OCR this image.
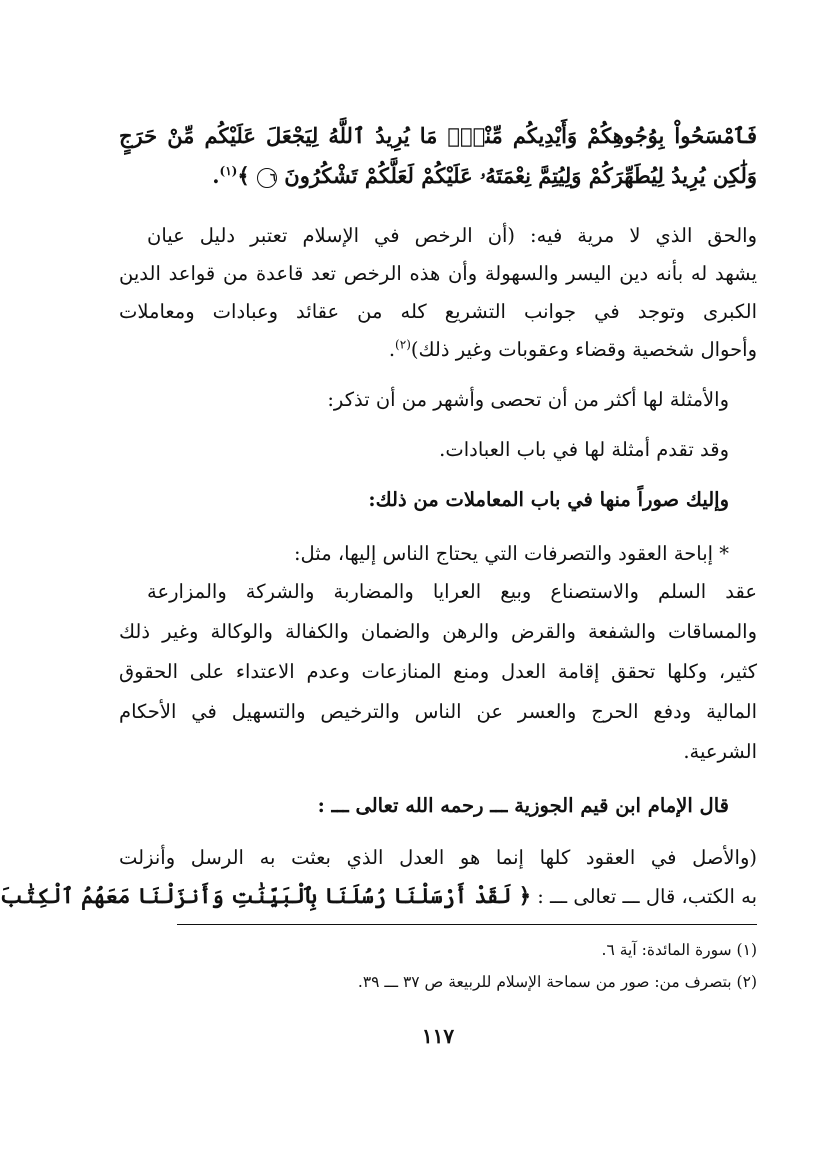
فَٱمْسَحُواْ بِوُجُوهِكُمْ وَأَيْدِيكُم مِّنْهُۚ مَا يُرِيدُ ٱللَّهُ لِيَجْعَلَ عَلَيْكُم مِّنْ حَرَجٍ
وَلَٰكِن يُرِيدُ لِيُطَهِّرَكُمْ وَلِيُتِمَّ نِعْمَتَهُۥ عَلَيْكُمْ لَعَلَّكُمْ تَشْكُرُونَ ٦ ﴾$^{(١)}$.
والحق الذي لا مرية فيه: (أن الرخص في الإسلام تعتبر دليل عيان
يشهد له بأنه دين اليسر والسهولة وأن هذه الرخص تعد قاعدة من قواعد الدين
الكبرى وتوجد في جوانب التشريع كله من عقائد وعبادات ومعاملات
وأحوال شخصية وقضاء وعقوبات وغير ذلك)$^{(٢)}$.
والأمثلة لها أكثر من أن تحصى وأشهر من أن تذكر:
وقد تقدم أمثلة لها في باب العبادات.
وإليك صوراً منها في باب المعاملات من ذلك:
* إباحة العقود والتصرفات التي يحتاج الناس إليها، مثل:
عقد السلم والاستصناع وبيع العرايا والمضاربة والشركة والمزارعة
والمساقات والشفعة والقرض والرهن والضمان والكفالة والوكالة وغير ذلك
كثير، وكلها تحقق إقامة العدل ومنع المنازعات وعدم الاعتداء على الحقوق
المالية ودفع الحرج والعسر عن الناس والترخيص والتسهيل في الأحكام
الشرعية.
قال الإمام ابن قيم الجوزية ـــ رحمه الله تعالى ـــ :
(والأصل في العقود كلها إنما هو العدل الذي بعثت به الرسل وأنزلت
به الكتب، قال ـــ تعالى ـــ : ﴿ لَقَدْ أَرْسَلْنَا رُسُلَنَا بِٱلْبَيِّنَٰتِ وَأَنزَلْنَا مَعَهُمُ ٱلْكِتَٰبَ
(١) سورة المائدة: آية ٦.
(٢) بتصرف من: صور من سماحة الإسلام للربيعة ص ٣٧ ـــ ٣٩.
١١٧
